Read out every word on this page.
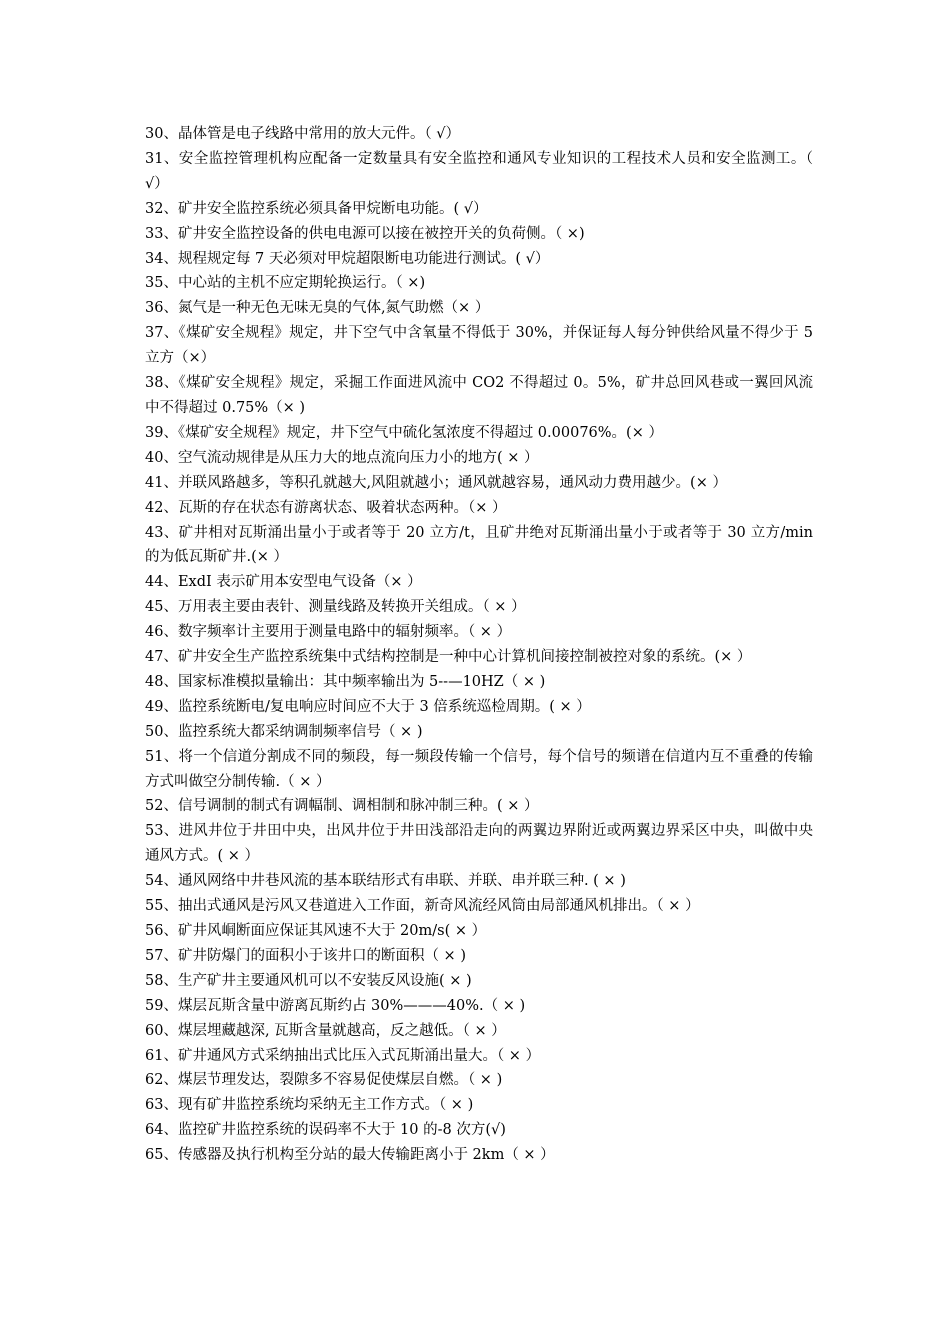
30、晶体管是电子线路中常用的放大元件。（ √）

31、安全监控管理机构应配备一定数量具有安全监控和通风专业知识的工程技术人员和安全监测工。（ √）

32、矿井安全监控系统必须具备甲烷断电功能。( √）

33、矿井安全监控设备的供电电源可以接在被控开关的负荷侧。（ ×)

34、规程规定每 7 天必须对甲烷超限断电功能进行测试。( √）

35、中心站的主机不应定期轮换运行。（ ×)

36、氮气是一种无色无味无臭的气体,氮气助燃（× ）

37、《煤矿安全规程》规定，井下空气中含氧量不得低于 30%，并保证每人每分钟供给风量不得少于 5 立方（×）

38、《煤矿安全规程》规定，采掘工作面进风流中 CO2 不得超过 0。5%，矿井总回风巷或一翼回风流中不得超过 0.75%（× )

39、《煤矿安全规程》规定，井下空气中硫化氢浓度不得超过 0.00076%。(× ）

40、空气流动规律是从压力大的地点流向压力小的地方( × ）

41、并联风路越多，等积孔就越大,风阻就越小；通风就越容易，通风动力费用越少。(× ）

42、瓦斯的存在状态有游离状态、吸着状态两种。（× ）

43、矿井相对瓦斯涌出量小于或者等于 20 立方/t，且矿井绝对瓦斯涌出量小于或者等于 30 立方/min 的为低瓦斯矿井.(× ）

44、ExdI 表示矿用本安型电气设备（× ）

45、万用表主要由表针、测量线路及转换开关组成。（ × ）

46、数字频率计主要用于测量电路中的辐射频率。（ × ）

47、矿井安全生产监控系统集中式结构控制是一种中心计算机间接控制被控对象的系统。(× ）

48、国家标准模拟量输出：其中频率输出为 5--—10HZ（ × )

49、监控系统断电/复电响应时间应不大于 3 倍系统巡检周期。( × ）

50、监控系统大都采纳调制频率信号（ × )

51、将一个信道分割成不同的频段，每一频段传输一个信号，每个信号的频谱在信道内互不重叠的传输方式叫做空分制传输.（ × ）

52、信号调制的制式有调幅制、调相制和脉冲制三种。( × ）

53、进风井位于井田中央，出风井位于井田浅部沿走向的两翼边界附近或两翼边界采区中央，叫做中央通风方式。( × ）

54、通风网络中井巷风流的基本联结形式有串联、并联、串并联三种. ( × )

55、抽出式通风是污风又巷道进入工作面，新奇风流经风筒由局部通风机排出。（ × ）

56、矿井风峒断面应保证其风速不大于 20m/s( × ）

57、矿井防爆门的面积小于该井口的断面积（ × )

58、生产矿井主要通风机可以不安装反风设施( × )

59、煤层瓦斯含量中游离瓦斯约占 30%———40%.（ × )

60、煤层埋藏越深, 瓦斯含量就越高，反之越低。（ × ）

61、矿井通风方式采纳抽出式比压入式瓦斯涌出量大。（ × ）

62、煤层节理发达，裂隙多不容易促使煤层自燃。（ × )

63、现有矿井监控系统均采纳无主工作方式。（ × )

64、监控矿井监控系统的误码率不大于 10 的-8 次方(√)

65、传感器及执行机构至分站的最大传输距离小于 2km（ × ）
